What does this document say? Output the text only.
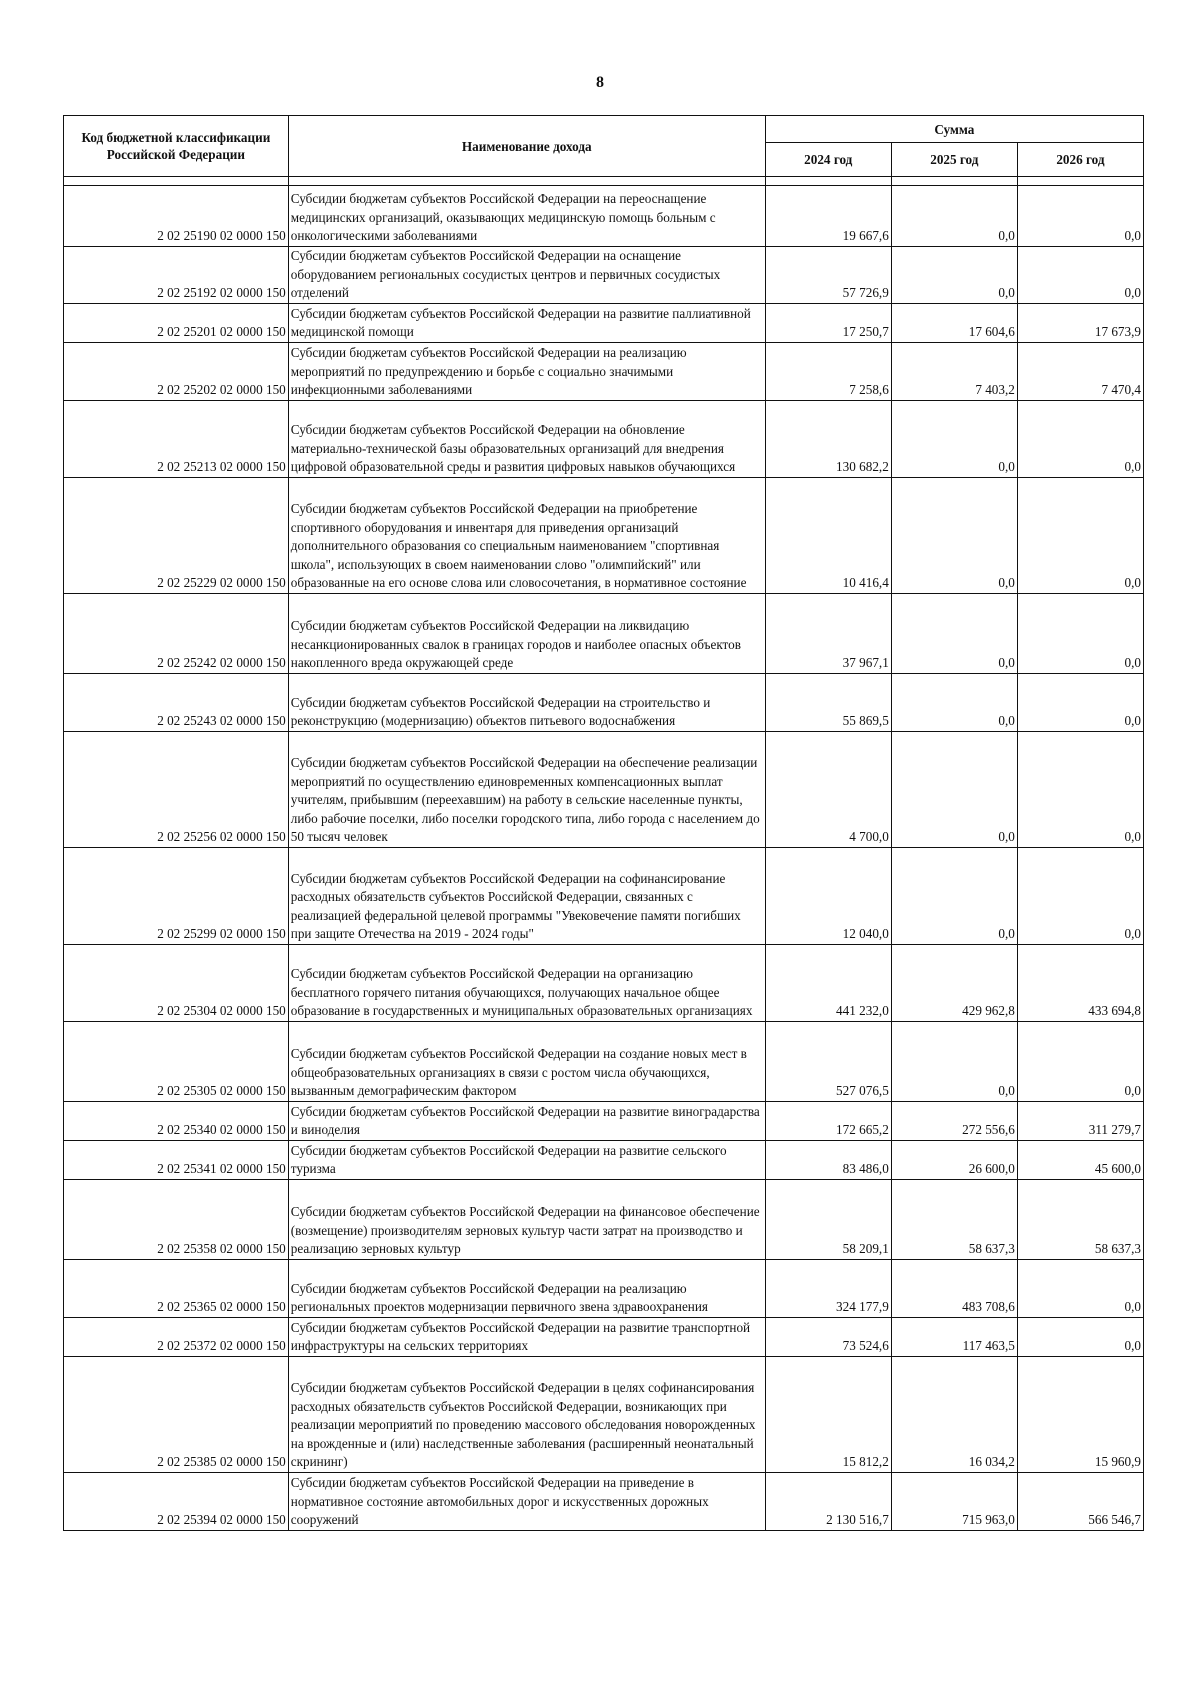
8
Код бюджетной классификации Российской Федерации	Наименование дохода	Сумма		
		2024 год	2025 год	2026 год

2 02 25190 02 0000 150	Субсидии бюджетам субъектов Российской Федерации на переоснащение медицинских организаций, оказывающих медицинскую помощь больным с онкологическими заболеваниями	19 667,6	0,0	0,0
2 02 25192 02 0000 150	Субсидии бюджетам субъектов Российской Федерации на оснащение оборудованием региональных сосудистых центров и первичных сосудистых отделений	57 726,9	0,0	0,0
2 02 25201 02 0000 150	Субсидии бюджетам субъектов Российской Федерации на развитие паллиативной медицинской помощи	17 250,7	17 604,6	17 673,9
2 02 25202 02 0000 150	Субсидии бюджетам субъектов Российской Федерации на реализацию мероприятий по предупреждению и борьбе с социально значимыми инфекционными заболеваниями	7 258,6	7 403,2	7 470,4
2 02 25213 02 0000 150	Субсидии бюджетам субъектов Российской Федерации на обновление материально-технической базы образовательных организаций для внедрения цифровой образовательной среды и развития цифровых навыков обучающихся	130 682,2	0,0	0,0
2 02 25229 02 0000 150	Субсидии бюджетам субъектов Российской Федерации на приобретение спортивного оборудования и инвентаря для приведения организаций дополнительного образования со специальным наименованием "спортивная школа", использующих в своем наименовании слово "олимпийский" или образованные на его основе слова или словосочетания, в нормативное состояние	10 416,4	0,0	0,0
2 02 25242 02 0000 150	Субсидии бюджетам субъектов Российской Федерации на ликвидацию несанкционированных свалок в границах городов и наиболее опасных объектов накопленного вреда окружающей среде	37 967,1	0,0	0,0
2 02 25243 02 0000 150	Субсидии бюджетам субъектов Российской Федерации на строительство и реконструкцию (модернизацию) объектов питьевого водоснабжения	55 869,5	0,0	0,0
2 02 25256 02 0000 150	Субсидии бюджетам субъектов Российской Федерации на обеспечение реализации мероприятий по осуществлению единовременных компенсационных выплат учителям, прибывшим (переехавшим) на работу в сельские населенные пункты, либо рабочие поселки, либо поселки городского типа, либо города с населением до 50 тысяч человек	4 700,0	0,0	0,0
2 02 25299 02 0000 150	Субсидии бюджетам субъектов Российской Федерации на софинансирование расходных обязательств субъектов Российской Федерации, связанных с реализацией федеральной целевой программы "Увековечение памяти погибших при защите Отечества на 2019 - 2024 годы"	12 040,0	0,0	0,0
2 02 25304 02 0000 150	Субсидии бюджетам субъектов Российской Федерации на организацию бесплатного горячего питания обучающихся, получающих начальное общее образование в государственных и муниципальных образовательных организациях	441 232,0	429 962,8	433 694,8
2 02 25305 02 0000 150	Субсидии бюджетам субъектов Российской Федерации на создание новых мест в общеобразовательных организациях в связи с ростом числа обучающихся, вызванным демографическим фактором	527 076,5	0,0	0,0
2 02 25340 02 0000 150	Субсидии бюджетам субъектов Российской Федерации на развитие виноградарства и виноделия	172 665,2	272 556,6	311 279,7
2 02 25341 02 0000 150	Субсидии бюджетам субъектов Российской Федерации на развитие сельского туризма	83 486,0	26 600,0	45 600,0
2 02 25358 02 0000 150	Субсидии бюджетам субъектов Российской Федерации на финансовое обеспечение (возмещение) производителям зерновых культур части затрат на производство и реализацию зерновых культур	58 209,1	58 637,3	58 637,3
2 02 25365 02 0000 150	Субсидии бюджетам субъектов Российской Федерации на реализацию региональных проектов модернизации первичного звена здравоохранения	324 177,9	483 708,6	0,0
2 02 25372 02 0000 150	Субсидии бюджетам субъектов Российской Федерации на развитие транспортной инфраструктуры на сельских территориях	73 524,6	117 463,5	0,0
2 02 25385 02 0000 150	Субсидии бюджетам субъектов Российской Федерации в целях софинансирования расходных обязательств субъектов Российской Федерации, возникающих при реализации мероприятий по проведению массового обследования новорожденных на врожденные и (или) наследственные заболевания (расширенный неонатальный скрининг)	15 812,2	16 034,2	15 960,9
2 02 25394 02 0000 150	Субсидии бюджетам субъектов Российской Федерации на приведение в нормативное состояние автомобильных дорог и искусственных дорожных сооружений	2 130 516,7	715 963,0	566 546,7
